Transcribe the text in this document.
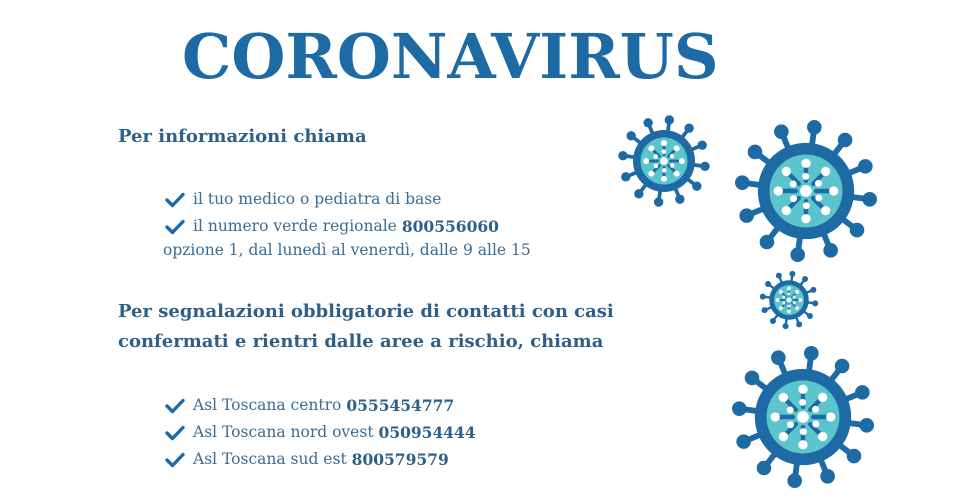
CORONAVIRUS
Per informazioni chiama
il tuo medico o pediatra di base
il numero verde regionale 800556060
opzione 1, dal lunedì al venerdì, dalle 9 alle 15
Per segnalazioni obbligatorie di contatti con casi
confermati e rientri dalle aree a rischio, chiama
Asl Toscana centro 0555454777
Asl Toscana nord ovest 050954444
Asl Toscana sud est 800579579
